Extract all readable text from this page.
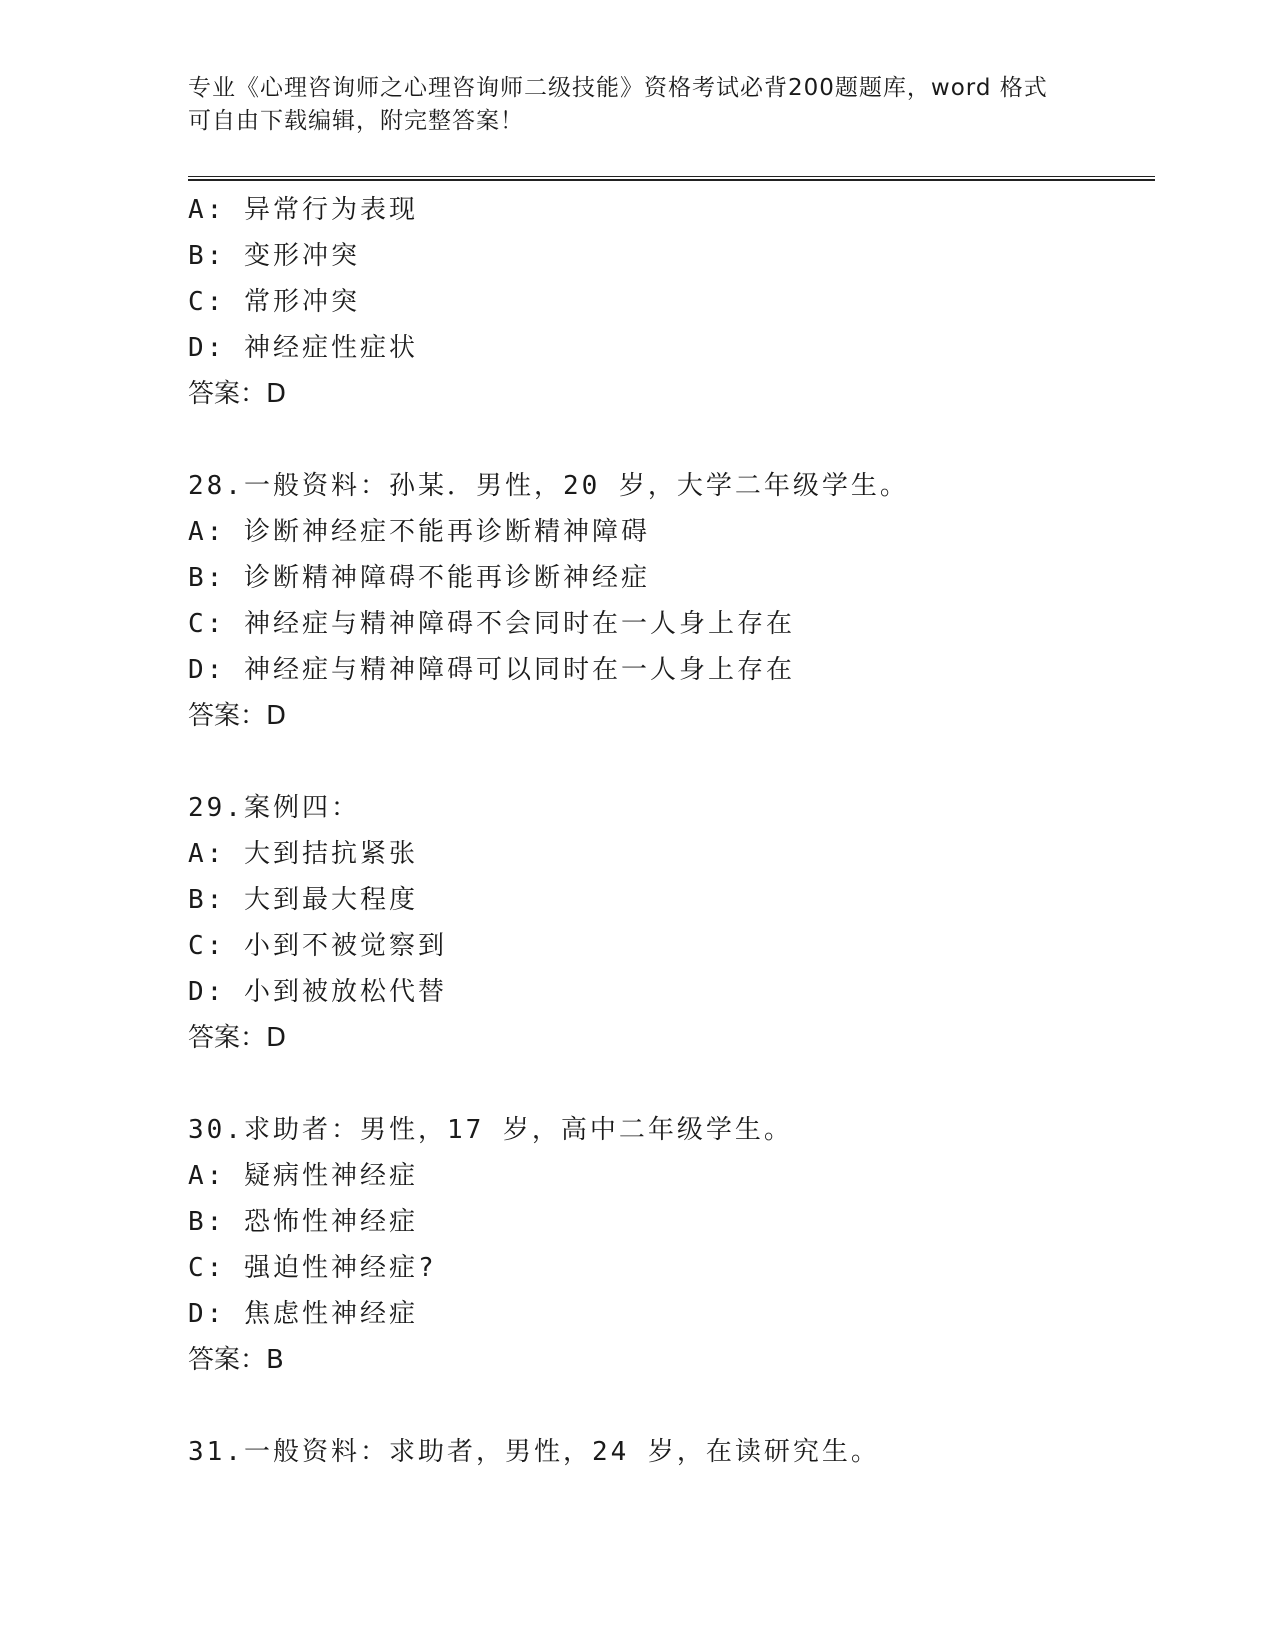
专业《心理咨询师之心理咨询师二级技能》资格考试必背200题题库，word 格式
可自由下载编辑，附完整答案！
A: 异常行为表现
B: 变形冲突
C: 常形冲突
D: 神经症性症状
答案：D
28.一般资料：孙某．男性，20 岁，大学二年级学生。
A: 诊断神经症不能再诊断精神障碍
B: 诊断精神障碍不能再诊断神经症
C: 神经症与精神障碍不会同时在一人身上存在
D: 神经症与精神障碍可以同时在一人身上存在
答案：D
29.案例四：
A: 大到拮抗紧张
B: 大到最大程度
C: 小到不被觉察到
D: 小到被放松代替
答案：D
30.求助者：男性，17 岁，高中二年级学生。
A: 疑病性神经症
B: 恐怖性神经症
C: 强迫性神经症?
D: 焦虑性神经症
答案：B
31.一般资料：求助者，男性，24 岁，在读研究生。
